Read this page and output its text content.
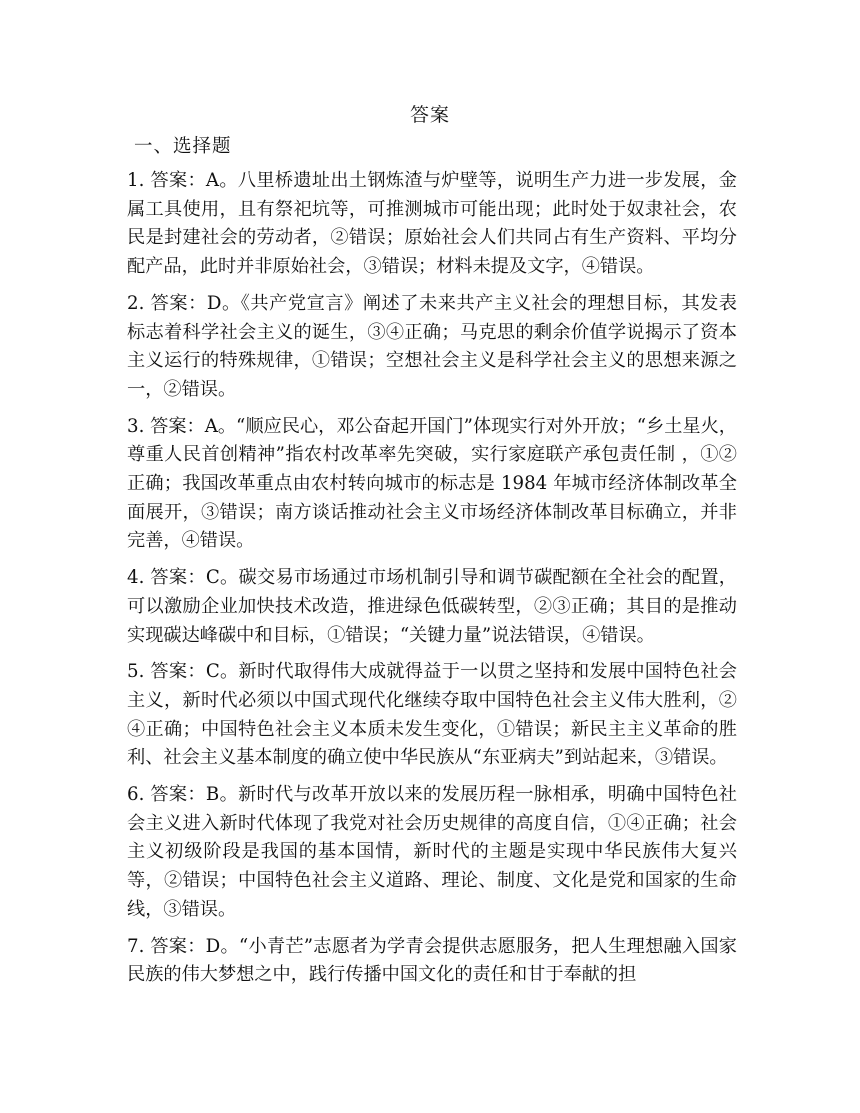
答案
一、选择题

1. 答案：A。八里桥遗址出土钢炼渣与炉壁等，说明生产力进一步发展，金属工具使用，且有祭祀坑等，可推测城市可能出现；此时处于奴隶社会，农民是封建社会的劳动者，②错误；原始社会人们共同占有生产资料、平均分配产品，此时并非原始社会，③错误；材料未提及文字，④错误。

2. 答案：D。《共产党宣言》阐述了未来共产主义社会的理想目标，其发表标志着科学社会主义的诞生，③④正确；马克思的剩余价值学说揭示了资本主义运行的特殊规律，①错误；空想社会主义是科学社会主义的思想来源之一，②错误。

3. 答案：A。“顺应民心，邓公奋起开国门”体现实行对外开放；“乡土星火，尊重人民首创精神”指农村改革率先突破，实行家庭联产承包责任制 ，①②正确；我国改革重点由农村转向城市的标志是 1984 年城市经济体制改革全面展开，③错误；南方谈话推动社会主义市场经济体制改革目标确立，并非完善，④错误。

4. 答案：C。碳交易市场通过市场机制引导和调节碳配额在全社会的配置，可以激励企业加快技术改造，推进绿色低碳转型，②③正确；其目的是推动实现碳达峰碳中和目标，①错误；“关键力量”说法错误，④错误。

5. 答案：C。新时代取得伟大成就得益于一以贯之坚持和发展中国特色社会主义，新时代必须以中国式现代化继续夺取中国特色社会主义伟大胜利，②④正确；中国特色社会主义本质未发生变化，①错误；新民主主义革命的胜利、社会主义基本制度的确立使中华民族从“东亚病夫”到站起来，③错误。

6. 答案：B。新时代与改革开放以来的发展历程一脉相承，明确中国特色社会主义进入新时代体现了我党对社会历史规律的高度自信，①④正确；社会主义初级阶段是我国的基本国情，新时代的主题是实现中华民族伟大复兴等，②错误；中国特色社会主义道路、理论、制度、文化是党和国家的生命线，③错误。

7. 答案：D。“小青芒”志愿者为学青会提供志愿服务，把人生理想融入国家民族的伟大梦想之中，践行传播中国文化的责任和甘于奉献的担
